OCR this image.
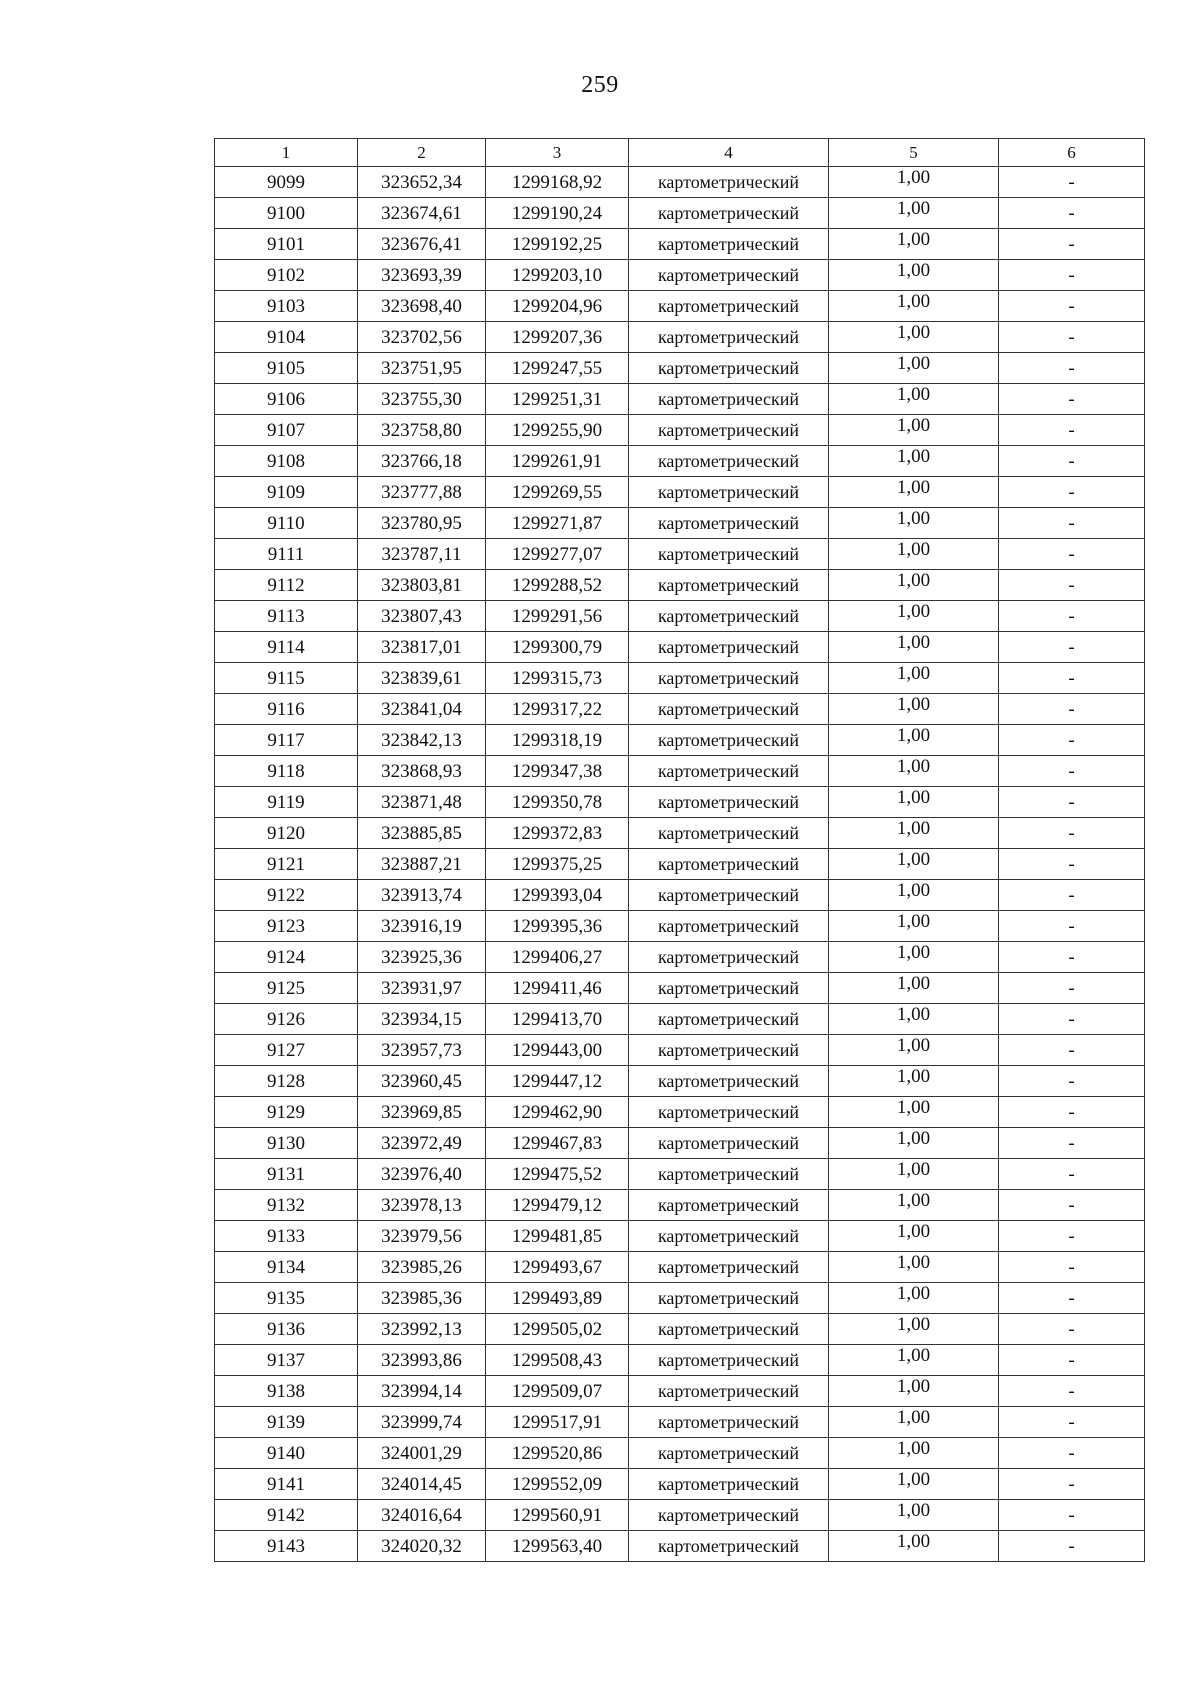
259
1	2	3	4	5	6
9099	323652,34	1299168,92	картометрический	1,00	-
9100	323674,61	1299190,24	картометрический	1,00	-
9101	323676,41	1299192,25	картометрический	1,00	-
9102	323693,39	1299203,10	картометрический	1,00	-
9103	323698,40	1299204,96	картометрический	1,00	-
9104	323702,56	1299207,36	картометрический	1,00	-
9105	323751,95	1299247,55	картометрический	1,00	-
9106	323755,30	1299251,31	картометрический	1,00	-
9107	323758,80	1299255,90	картометрический	1,00	-
9108	323766,18	1299261,91	картометрический	1,00	-
9109	323777,88	1299269,55	картометрический	1,00	-
9110	323780,95	1299271,87	картометрический	1,00	-
9111	323787,11	1299277,07	картометрический	1,00	-
9112	323803,81	1299288,52	картометрический	1,00	-
9113	323807,43	1299291,56	картометрический	1,00	-
9114	323817,01	1299300,79	картометрический	1,00	-
9115	323839,61	1299315,73	картометрический	1,00	-
9116	323841,04	1299317,22	картометрический	1,00	-
9117	323842,13	1299318,19	картометрический	1,00	-
9118	323868,93	1299347,38	картометрический	1,00	-
9119	323871,48	1299350,78	картометрический	1,00	-
9120	323885,85	1299372,83	картометрический	1,00	-
9121	323887,21	1299375,25	картометрический	1,00	-
9122	323913,74	1299393,04	картометрический	1,00	-
9123	323916,19	1299395,36	картометрический	1,00	-
9124	323925,36	1299406,27	картометрический	1,00	-
9125	323931,97	1299411,46	картометрический	1,00	-
9126	323934,15	1299413,70	картометрический	1,00	-
9127	323957,73	1299443,00	картометрический	1,00	-
9128	323960,45	1299447,12	картометрический	1,00	-
9129	323969,85	1299462,90	картометрический	1,00	-
9130	323972,49	1299467,83	картометрический	1,00	-
9131	323976,40	1299475,52	картометрический	1,00	-
9132	323978,13	1299479,12	картометрический	1,00	-
9133	323979,56	1299481,85	картометрический	1,00	-
9134	323985,26	1299493,67	картометрический	1,00	-
9135	323985,36	1299493,89	картометрический	1,00	-
9136	323992,13	1299505,02	картометрический	1,00	-
9137	323993,86	1299508,43	картометрический	1,00	-
9138	323994,14	1299509,07	картометрический	1,00	-
9139	323999,74	1299517,91	картометрический	1,00	-
9140	324001,29	1299520,86	картометрический	1,00	-
9141	324014,45	1299552,09	картометрический	1,00	-
9142	324016,64	1299560,91	картометрический	1,00	-
9143	324020,32	1299563,40	картометрический	1,00	-
